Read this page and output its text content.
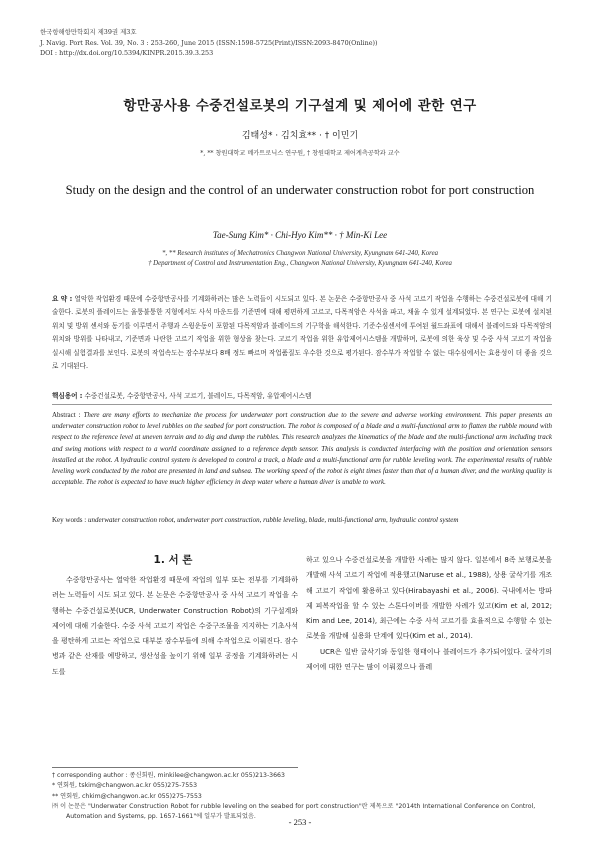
한국항해항만학회지 제39권 제3호
J. Navig. Port Res. Vol. 39, No. 3 : 253-260, June 2015 (ISSN:1598-5725(Print)/ISSN:2093-8470(Online))
DOI : http://dx.doi.org/10.5394/KINPR.2015.39.3.253
항만공사용 수중건설로봇의 기구설계 및 제어에 관한 연구
김태성* · 김치효** · † 이민기
*, ** 창원대학교 메카트로닉스 연구원, † 창원대학교 제어계측공학과 교수
Study on the design and the control of an underwater construction robot for port construction
Tae-Sung Kim* · Chi-Hyo Kim** · † Min-Ki Lee
*, ** Research institutes of Mechatronics Changwon National University, Kyungnam 641-240, Korea
† Department of Control and Instrumentation Eng., Changwon National University, Kyungnam 641-240, Korea
요 약 : 열악한 작업환경 때문에 수중항만공사를 기계화하려는 많은 노력들이 시도되고 있다. 본 논문은 수중항만공사 중 사석 고르기 작업을 수행하는 수중건설로봇에 대해 기술한다. 로봇의 플레이드는 울퉁불퉁한 지형에서도 사석 마운드를 기준면에 대해 평편하게 고르고, 다목적암은 사석을 파고, 채울 수 있게 설계되었다. 본 연구는 로봇에 설치된 위치 및 방위 센서와 동기를 이루면서 주행과 스윙운동이 포함된 다목적암과 블레이드의 기구학을 해석한다. 기준수심센서에 투여된 월드좌표에 대해서 블레이드와 다목적암의 위치와 방위를 나타내고, 기준면과 나란한 고르기 작업을 위한 형상을 찾는다. 고르기 작업을 위한 유압제어시스템을 개발하며, 로봇에 의한 육상 및 수중 사석 고르기 작업을 실시해 실험결과를 보인다. 로봇의 작업속도는 잠수부보다 8배 정도 빠르며 작업품질도 우수한 것으로 평가된다. 잠수부가 작업할 수 없는 대수심에서는 효용성이 더 좋을 것으로 기대된다.
핵심용어 : 수중건설로봇, 수중항만공사, 사석 고르기, 블레이드, 다목적암, 유압제어시스템
Abstract : There are many efforts to mechanize the process for underwater port construction due to the severe and adverse working environment. This paper presents an underwater construction robot to level rubbles on the seabed for port construction. The robot is composed of a blade and a multi-functional arm to flatten the rubble mound with respect to the reference level at uneven terrain and to dig and dump the rubbles. This research analyzes the kinematics of the blade and the multi-functional arm including track and swing motions with respect to a world coordinate assigned to a reference depth sensor. This analysis is conducted interfacing with the position and orientation sensors installed at the robot. A hydraulic control system is developed to control a track, a blade and a multi-functional arm for rubble leveling work. The experimental results of rubble leveling work conducted by the robot are presented in land and subsea. The working speed of the robot is eight times faster than that of a human diver, and the working quality is acceptable. The robot is expected to have much higher efficiency in deep water where a human diver is unable to work.
Key words : underwater construction robot, underwater port construction, rubble leveling, blade, multi-functional arm, hydraulic control system
1. 서 론

수중항만공사는 열악한 작업환경 때문에 작업의 일부 또는 전부를 기계화하려는 노력들이 시도 되고 있다. 본 논문은 수중항만공사 중 사석 고르기 작업을 수행하는 수중건설로봇(UCR, Underwater Construction Robot)의 기구설계와 제어에 대해 기술한다. 수중 사석 고르기 작업은 수중구조물을 지지하는 기초사석을 평탄하게 고르는 작업으로 대부분 잠수부들에 의해 수작업으로 이뤄진다. 잠수병과 같은 산재를 예방하고, 생산성을 높이기 위해 일부 공정을 기계화하려는 시도를

하고 있으나 수중건설로봇을 개발한 사례는 많지 않다. 일본에서 8족 보행로봇을 개발해 사석 고르기 작업에 적용했고(Naruse et al., 1988), 상용 굴삭기를 개조해 고르기 작업에 활용하고 있다(Hirabayashi et al., 2006). 국내에서는 방파제 피복작업을 할 수 있는 스톤다이버를 개발한 사례가 있고(Kim et al, 2012; Kim and Lee, 2014), 최근에는 수중 사석 고르기를 효율적으로 수행할 수 있는 로봇을 개발해 실용화 단계에 있다(Kim et al., 2014).

UCR은 일반 굴삭기와 동일한 형태이나 블레이드가 추가되어있다. 굴삭기의 제어에 대한 연구는 많이 이뤄졌으나 플레

† corresponding author : 종신회원, minkilee@changwon.ac.kr 055)213-3663
* 연회원, tskim@changwon.ac.kr 055)275-7553
** 연회원, chkim@changwon.ac.kr 055)275-7553
㈜ 이 논문은 "Underwater Construction Robot for rubble leveling on the seabed for port construction"란 제목으로 "2014th International Conference on Control, Automation and Systems, pp. 1657-1661"에 일부가 발표되었음.
- 253 -
